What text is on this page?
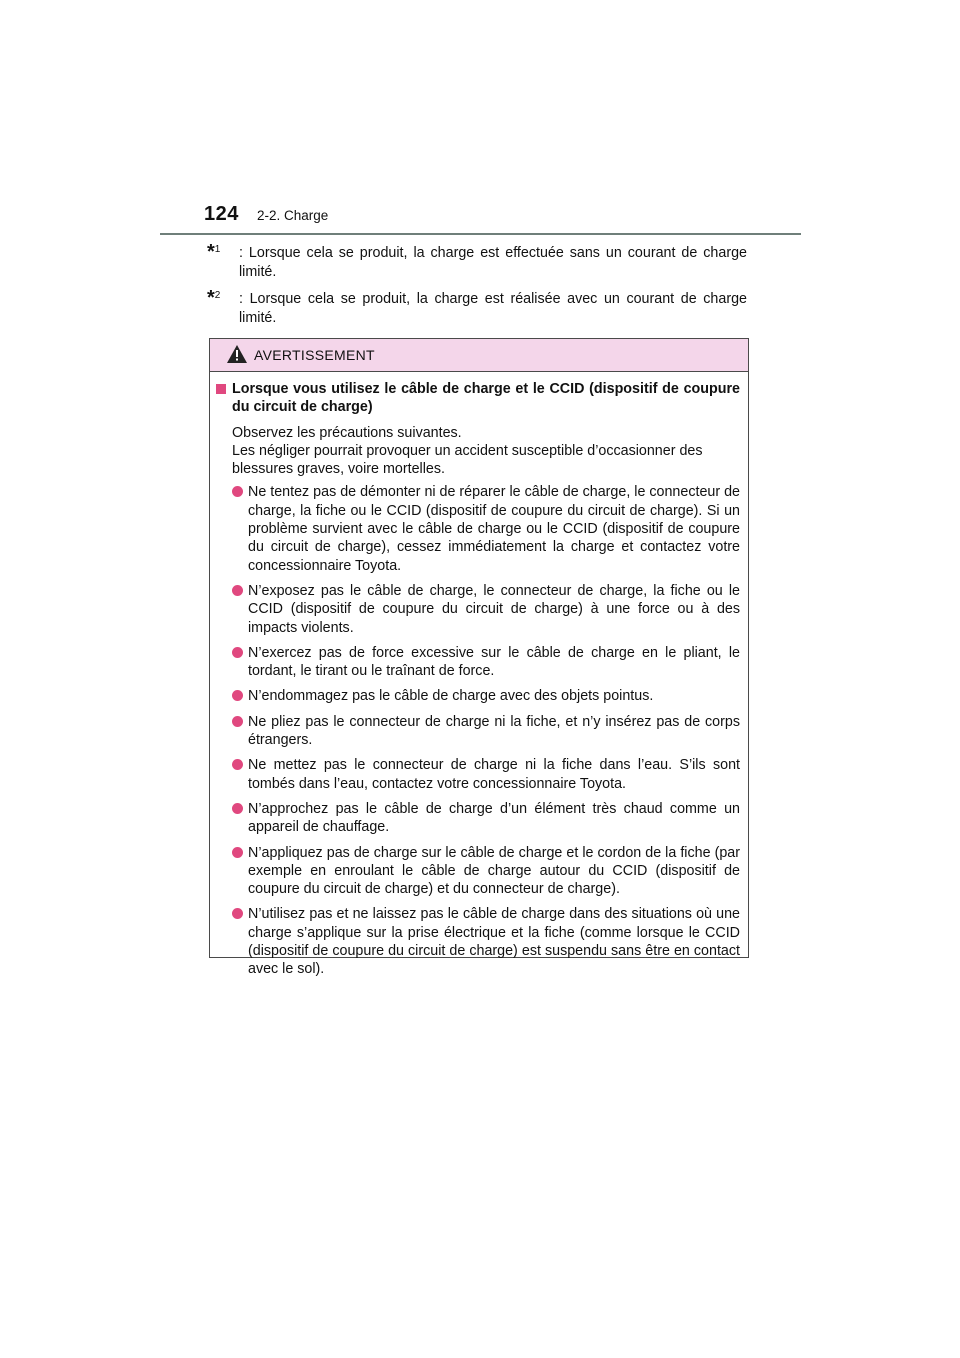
124 2-2. Charge
*$^1$ : Lorsque cela se produit, la charge est effectuée sans un courant de charge limité.
*$^2$ : Lorsque cela se produit, la charge est réalisée avec un courant de charge limité.
AVERTISSEMENT
Lorsque vous utilisez le câble de charge et le CCID (dispositif de coupure du circuit de charge)
Observez les précautions suivantes.
Les négliger pourrait provoquer un accident susceptible d’occasionner des blessures graves, voire mortelles.
Ne tentez pas de démonter ni de réparer le câble de charge, le connecteur de charge, la fiche ou le CCID (dispositif de coupure du circuit de charge). Si un problème survient avec le câble de charge ou le CCID (dispositif de coupure du circuit de charge), cessez immédiatement la charge et contactez votre concessionnaire Toyota.
N’exposez pas le câble de charge, le connecteur de charge, la fiche ou le CCID (dispositif de coupure du circuit de charge) à une force ou à des impacts violents.
N’exercez pas de force excessive sur le câble de charge en le pliant, le tordant, le tirant ou le traînant de force.
N’endommagez pas le câble de charge avec des objets pointus.
Ne pliez pas le connecteur de charge ni la fiche, et n’y insérez pas de corps étrangers.
Ne mettez pas le connecteur de charge ni la fiche dans l’eau. S’ils sont tombés dans l’eau, contactez votre concessionnaire Toyota.
N’approchez pas le câble de charge d’un élément très chaud comme un appareil de chauffage.
N’appliquez pas de charge sur le câble de charge et le cordon de la fiche (par exemple en enroulant le câble de charge autour du CCID (dispositif de coupure du circuit de charge) et du connecteur de charge).
N’utilisez pas et ne laissez pas le câble de charge dans des situations où une charge s’applique sur la prise électrique et la fiche (comme lorsque le CCID (dispositif de coupure du circuit de charge) est suspendu sans être en contact avec le sol).
